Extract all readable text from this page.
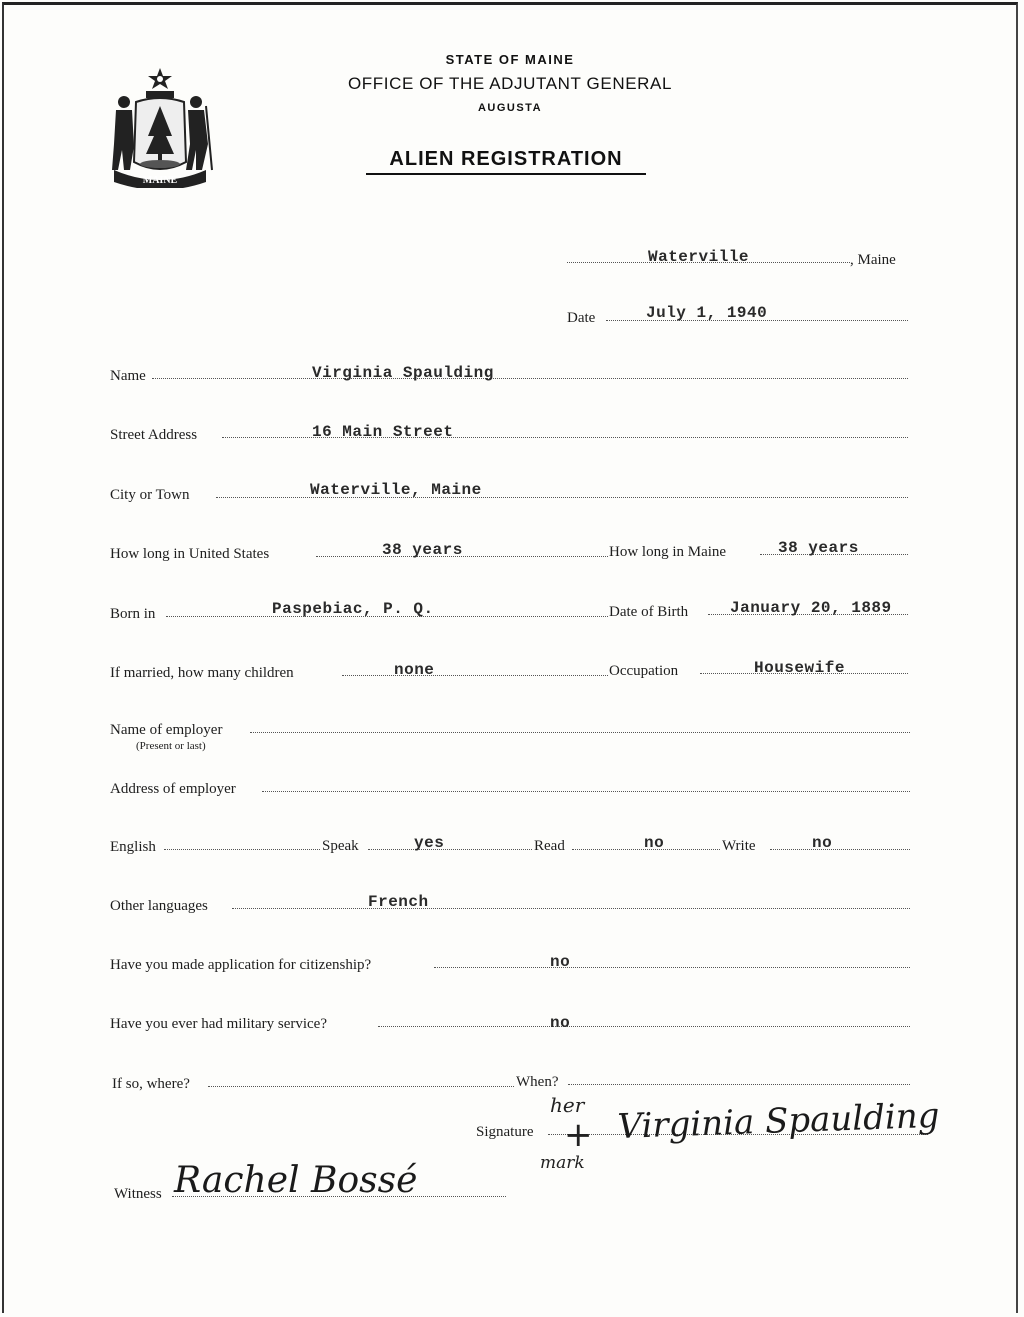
MAINE
STATE OF MAINE
OFFICE OF THE ADJUTANT GENERAL
AUGUSTA
ALIEN REGISTRATION
Waterville	, Maine
Date	July 1, 1940
Name	Virginia Spaulding
Street Address	16 Main Street
City or Town	Waterville, Maine
How long in United States	38 years	How long in Maine	38 years
Born in	Paspebiac, P. Q.	Date of Birth	January 20, 1889
If married, how many children	none	Occupation	Housewife
Name of employer
(Present or last)
Address of employer
English	Speak	yes	Read	no	Write	no
Other languages	French
Have you made application for citizenship?	no
Have you ever had military service?	no
If so, where?	When?
Signature
her
+
mark
Virginia Spaulding
Witness Rachel Bossé
